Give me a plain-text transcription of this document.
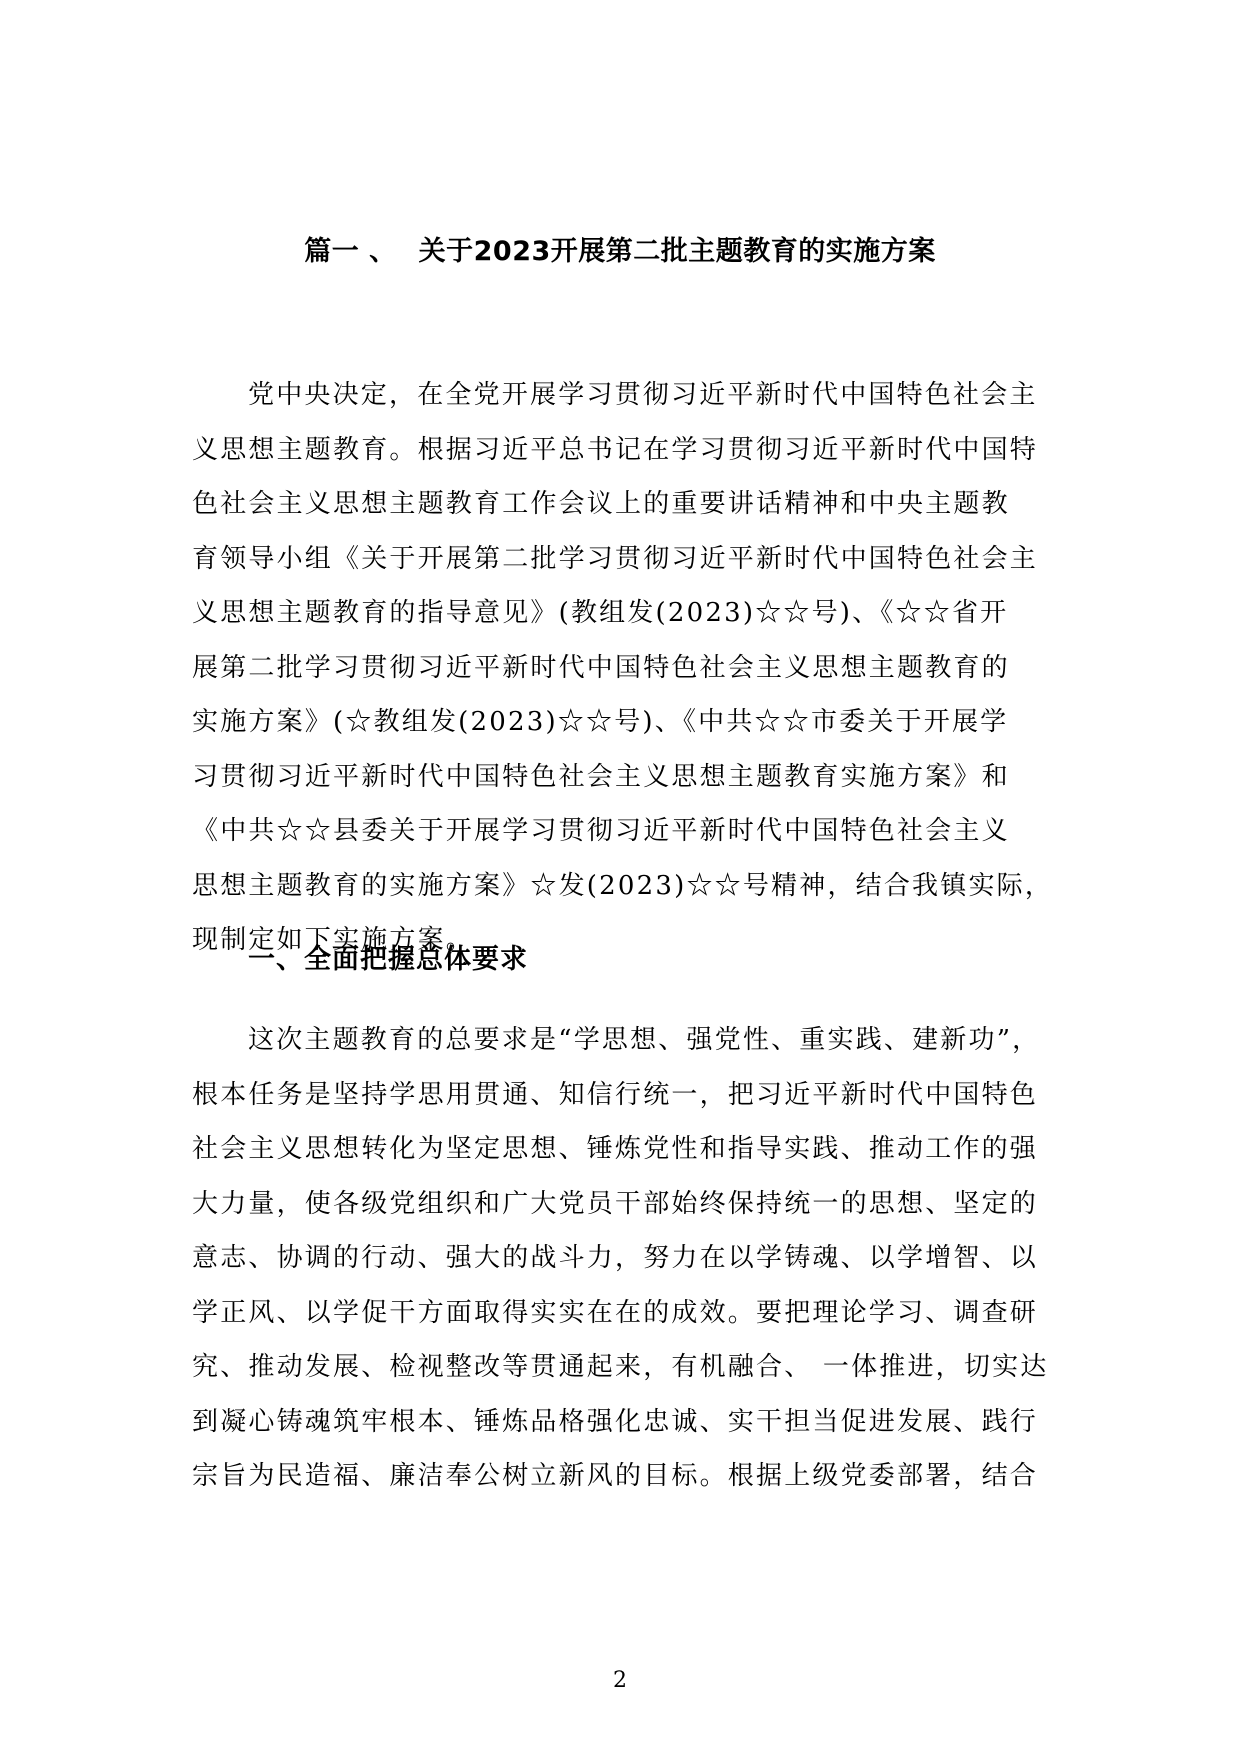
篇一 、 关于2023开展第二批主题教育的实施方案
党中央决定，在全党开展学习贯彻习近平新时代中国特色社会主
义思想主题教育。根据习近平总书记在学习贯彻习近平新时代中国特
色社会主义思想主题教育工作会议上的重要讲话精神和中央主题教
育领导小组《关于开展第二批学习贯彻习近平新时代中国特色社会主
义思想主题教育的指导意见》(教组发(2023)☆☆号)、《☆☆省开
展第二批学习贯彻习近平新时代中国特色社会主义思想主题教育的
实施方案》(☆教组发(2023)☆☆号)、《中共☆☆市委关于开展学
习贯彻习近平新时代中国特色社会主义思想主题教育实施方案》和
《中共☆☆县委关于开展学习贯彻习近平新时代中国特色社会主义
思想主题教育的实施方案》☆发(2023)☆☆号精神，结合我镇实际，
现制定如下实施方案。
一、全面把握总体要求
这次主题教育的总要求是“学思想、强党性、重实践、建新功”，
根本任务是坚持学思用贯通、知信行统一，把习近平新时代中国特色
社会主义思想转化为坚定思想、锤炼党性和指导实践、推动工作的强
大力量，使各级党组织和广大党员干部始终保持统一的思想、坚定的
意志、协调的行动、强大的战斗力，努力在以学铸魂、以学增智、以
学正风、以学促干方面取得实实在在的成效。要把理论学习、调查研
究、推动发展、检视整改等贯通起来，有机融合、 一体推进，切实达
到凝心铸魂筑牢根本、锤炼品格强化忠诚、实干担当促进发展、践行
宗旨为民造福、廉洁奉公树立新风的目标。根据上级党委部署，结合
2
